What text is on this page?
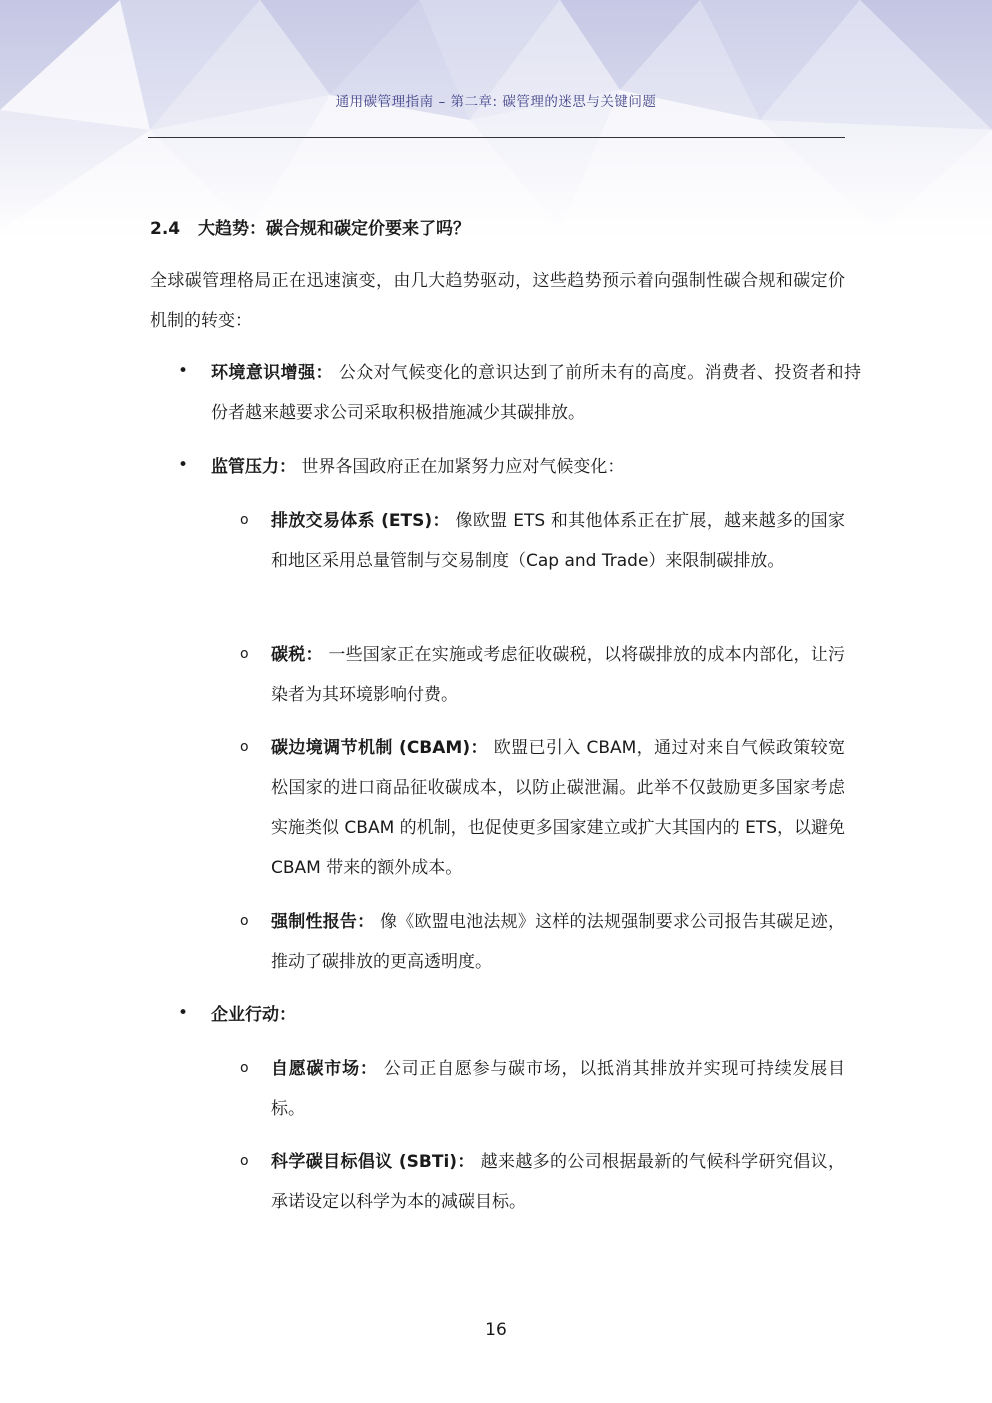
通用碳管理指南 – 第二章: 碳管理的迷思与关键问题
2.4 大趋势：碳合规和碳定价要来了吗？
全球碳管理格局正在迅速演变，由几大趋势驱动，这些趋势预示着向强制性碳合规和碳定价机制的转变：
• 环境意识增强： 公众对气候变化的意识达到了前所未有的高度。消费者、投资者和持份者越来越要求公司采取积极措施减少其碳排放。
• 监管压力： 世界各国政府正在加紧努力应对气候变化：
o 排放交易体系 (ETS)： 像欧盟 ETS 和其他体系正在扩展，越来越多的国家和地区采用总量管制与交易制度（Cap and Trade）来限制碳排放。
o 碳税： 一些国家正在实施或考虑征收碳税，以将碳排放的成本内部化，让污染者为其环境影响付费。
o 碳边境调节机制 (CBAM)： 欧盟已引入 CBAM，通过对来自气候政策较宽松国家的进口商品征收碳成本，以防止碳泄漏。此举不仅鼓励更多国家考虑实施类似 CBAM 的机制，也促使更多国家建立或扩大其国内的 ETS，以避免 CBAM 带来的额外成本。
o 强制性报告： 像《欧盟电池法规》这样的法规强制要求公司报告其碳足迹，推动了碳排放的更高透明度。
• 企业行动：
o 自愿碳市场： 公司正自愿参与碳市场，以抵消其排放并实现可持续发展目标。
o 科学碳目标倡议 (SBTi)： 越来越多的公司根据最新的气候科学研究倡议，承诺设定以科学为本的减碳目标。
16
